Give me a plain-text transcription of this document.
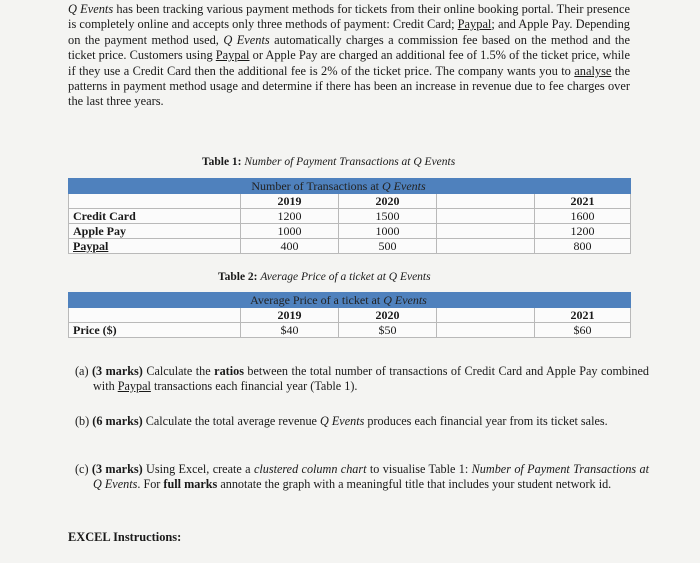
Q Events has been tracking various payment methods for tickets from their online booking portal. Their presence is completely online and accepts only three methods of payment: Credit Card; Paypal; and Apple Pay. Depending on the payment method used, Q Events automatically charges a commission fee based on the method and the ticket price. Customers using Paypal or Apple Pay are charged an additional fee of 1.5% of the ticket price, while if they use a Credit Card then the additional fee is 2% of the ticket price. The company wants you to analyse the patterns in payment method usage and determine if there has been an increase in revenue due to fee charges over the last three years.

Table 1: Number of Payment Transactions at Q Events
	Number of Transactions at Q Events			
	2019	2020		2021
Credit Card	1200	1500		1600
Apple Pay	1000	1000		1200
Paypal	400	500		800
Table 2: Average Price of a ticket at Q Events
	Average Price of a ticket at Q Events			
	2019	2020		2021
Price ($)	$40	$50		$60

(a) (3 marks) Calculate the ratios between the total number of transactions of Credit Card and Apple Pay combined with Paypal transactions each financial year (Table 1).

(b) (6 marks) Calculate the total average revenue Q Events produces each financial year from its ticket sales.

(c) (3 marks) Using Excel, create a clustered column chart to visualise Table 1: Number of Payment Transactions at Q Events. For full marks annotate the graph with a meaningful title that includes your student network id.

EXCEL Instructions:
